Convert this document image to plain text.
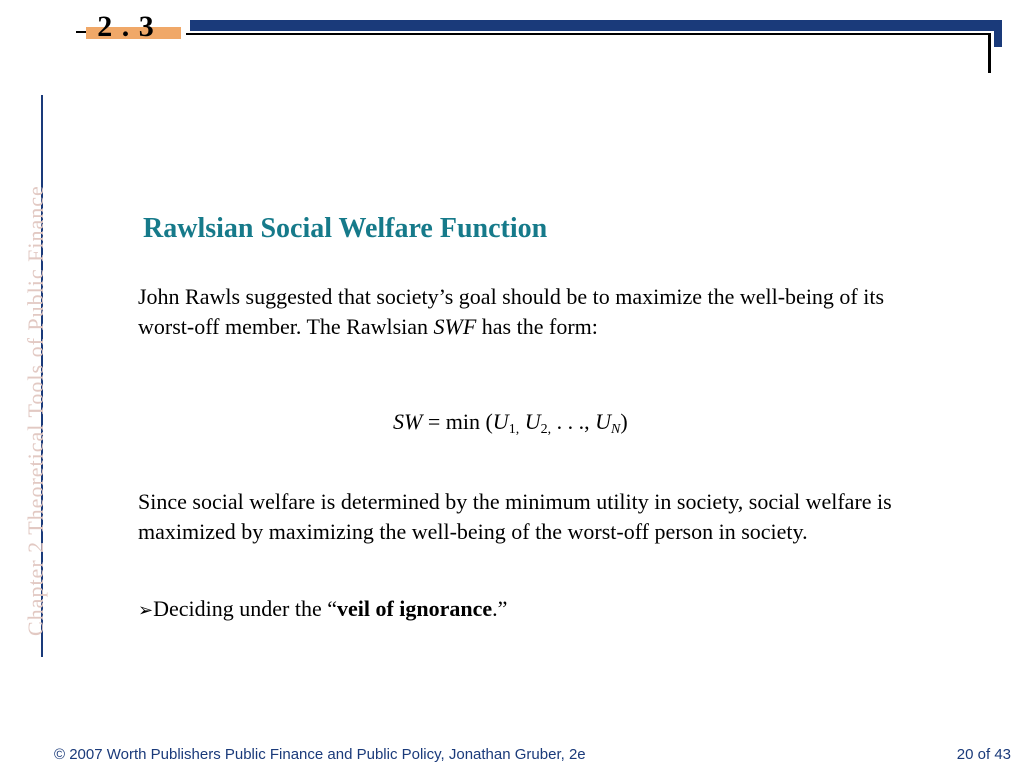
2 . 3
Chapter 2 Theoretical Tools of Public Finance	Rawlsian Social Welfare Function

John Rawls suggested that society’s goal should be to maximize the well-being of its worst-off member. The Rawlsian SWF has the form:

SW = $\min (U_{1,}$ $U_{2,}$ . . ., $U_N$)

Since social welfare is determined by the minimum utility in society, social welfare is maximized by maximizing the well-being of the worst-off person in society.

➢Deciding under the “veil of ignorance.”
© 2007 Worth Publishers Public Finance and Public Policy, Jonathan Gruber, 2e	20 of 43
